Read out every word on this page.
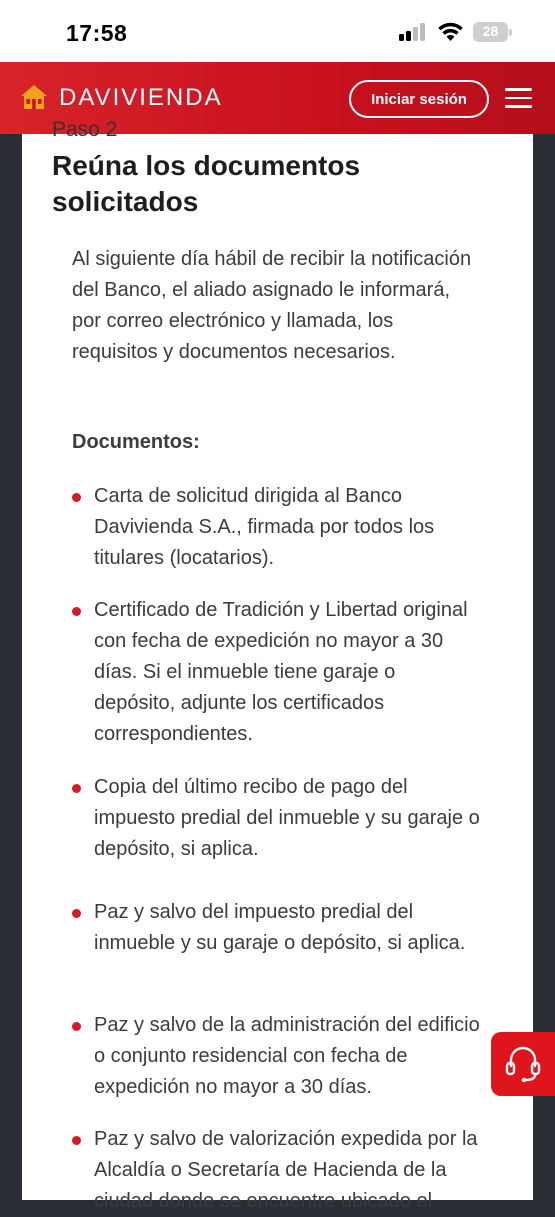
17:58	28
DAVIVIENDA	Iniciar sesión
Paso 2
Reúna los documentos solicitados
Al siguiente día hábil de recibir la notificación del Banco, el aliado asignado le informará, por correo electrónico y llamada, los requisitos y documentos necesarios.
Documentos:
Carta de solicitud dirigida al Banco Davivienda S.A., firmada por todos los titulares (locatarios).
Certificado de Tradición y Libertad original con fecha de expedición no mayor a 30 días. Si el inmueble tiene garaje o depósito, adjunte los certificados correspondientes.
Copia del último recibo de pago del impuesto predial del inmueble y su garaje o depósito, si aplica.
Paz y salvo del impuesto predial del inmueble y su garaje o depósito, si aplica.
Paz y salvo de la administración del edificio o conjunto residencial con fecha de expedición no mayor a 30 días.
Paz y salvo de valorización expedida por la Alcaldía o Secretaría de Hacienda de la ciudad donde se encuentre ubicado el
